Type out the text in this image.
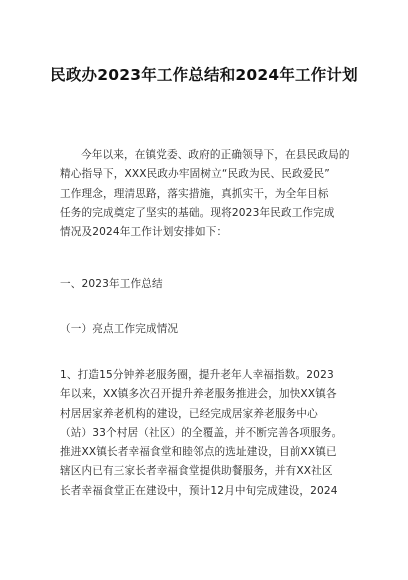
民政办2023年工作总结和2024年工作计划
今年以来，在镇党委、政府的正确领导下，在县民政局的
精心指导下，XXX民政办牢固树立“民政为民、民政爱民”
工作理念，理清思路，落实措施，真抓实干，为全年目标
任务的完成奠定了坚实的基础。现将2023年民政工作完成
情况及2024年工作计划安排如下：
一、2023年工作总结
（一）亮点工作完成情况
1、打造15分钟养老服务圈，提升老年人幸福指数。2023
年以来，XX镇多次召开提升养老服务推进会，加快XX镇各
村居居家养老机构的建设，已经完成居家养老服务中心
（站）33个村居（社区）的全覆盖，并不断完善各项服务。
推进XX镇长者幸福食堂和睦邻点的选址建设，目前XX镇已
辖区内已有三家长者幸福食堂提供助餐服务，并有XX社区
长者幸福食堂正在建设中，预计12月中旬完成建设，2024
